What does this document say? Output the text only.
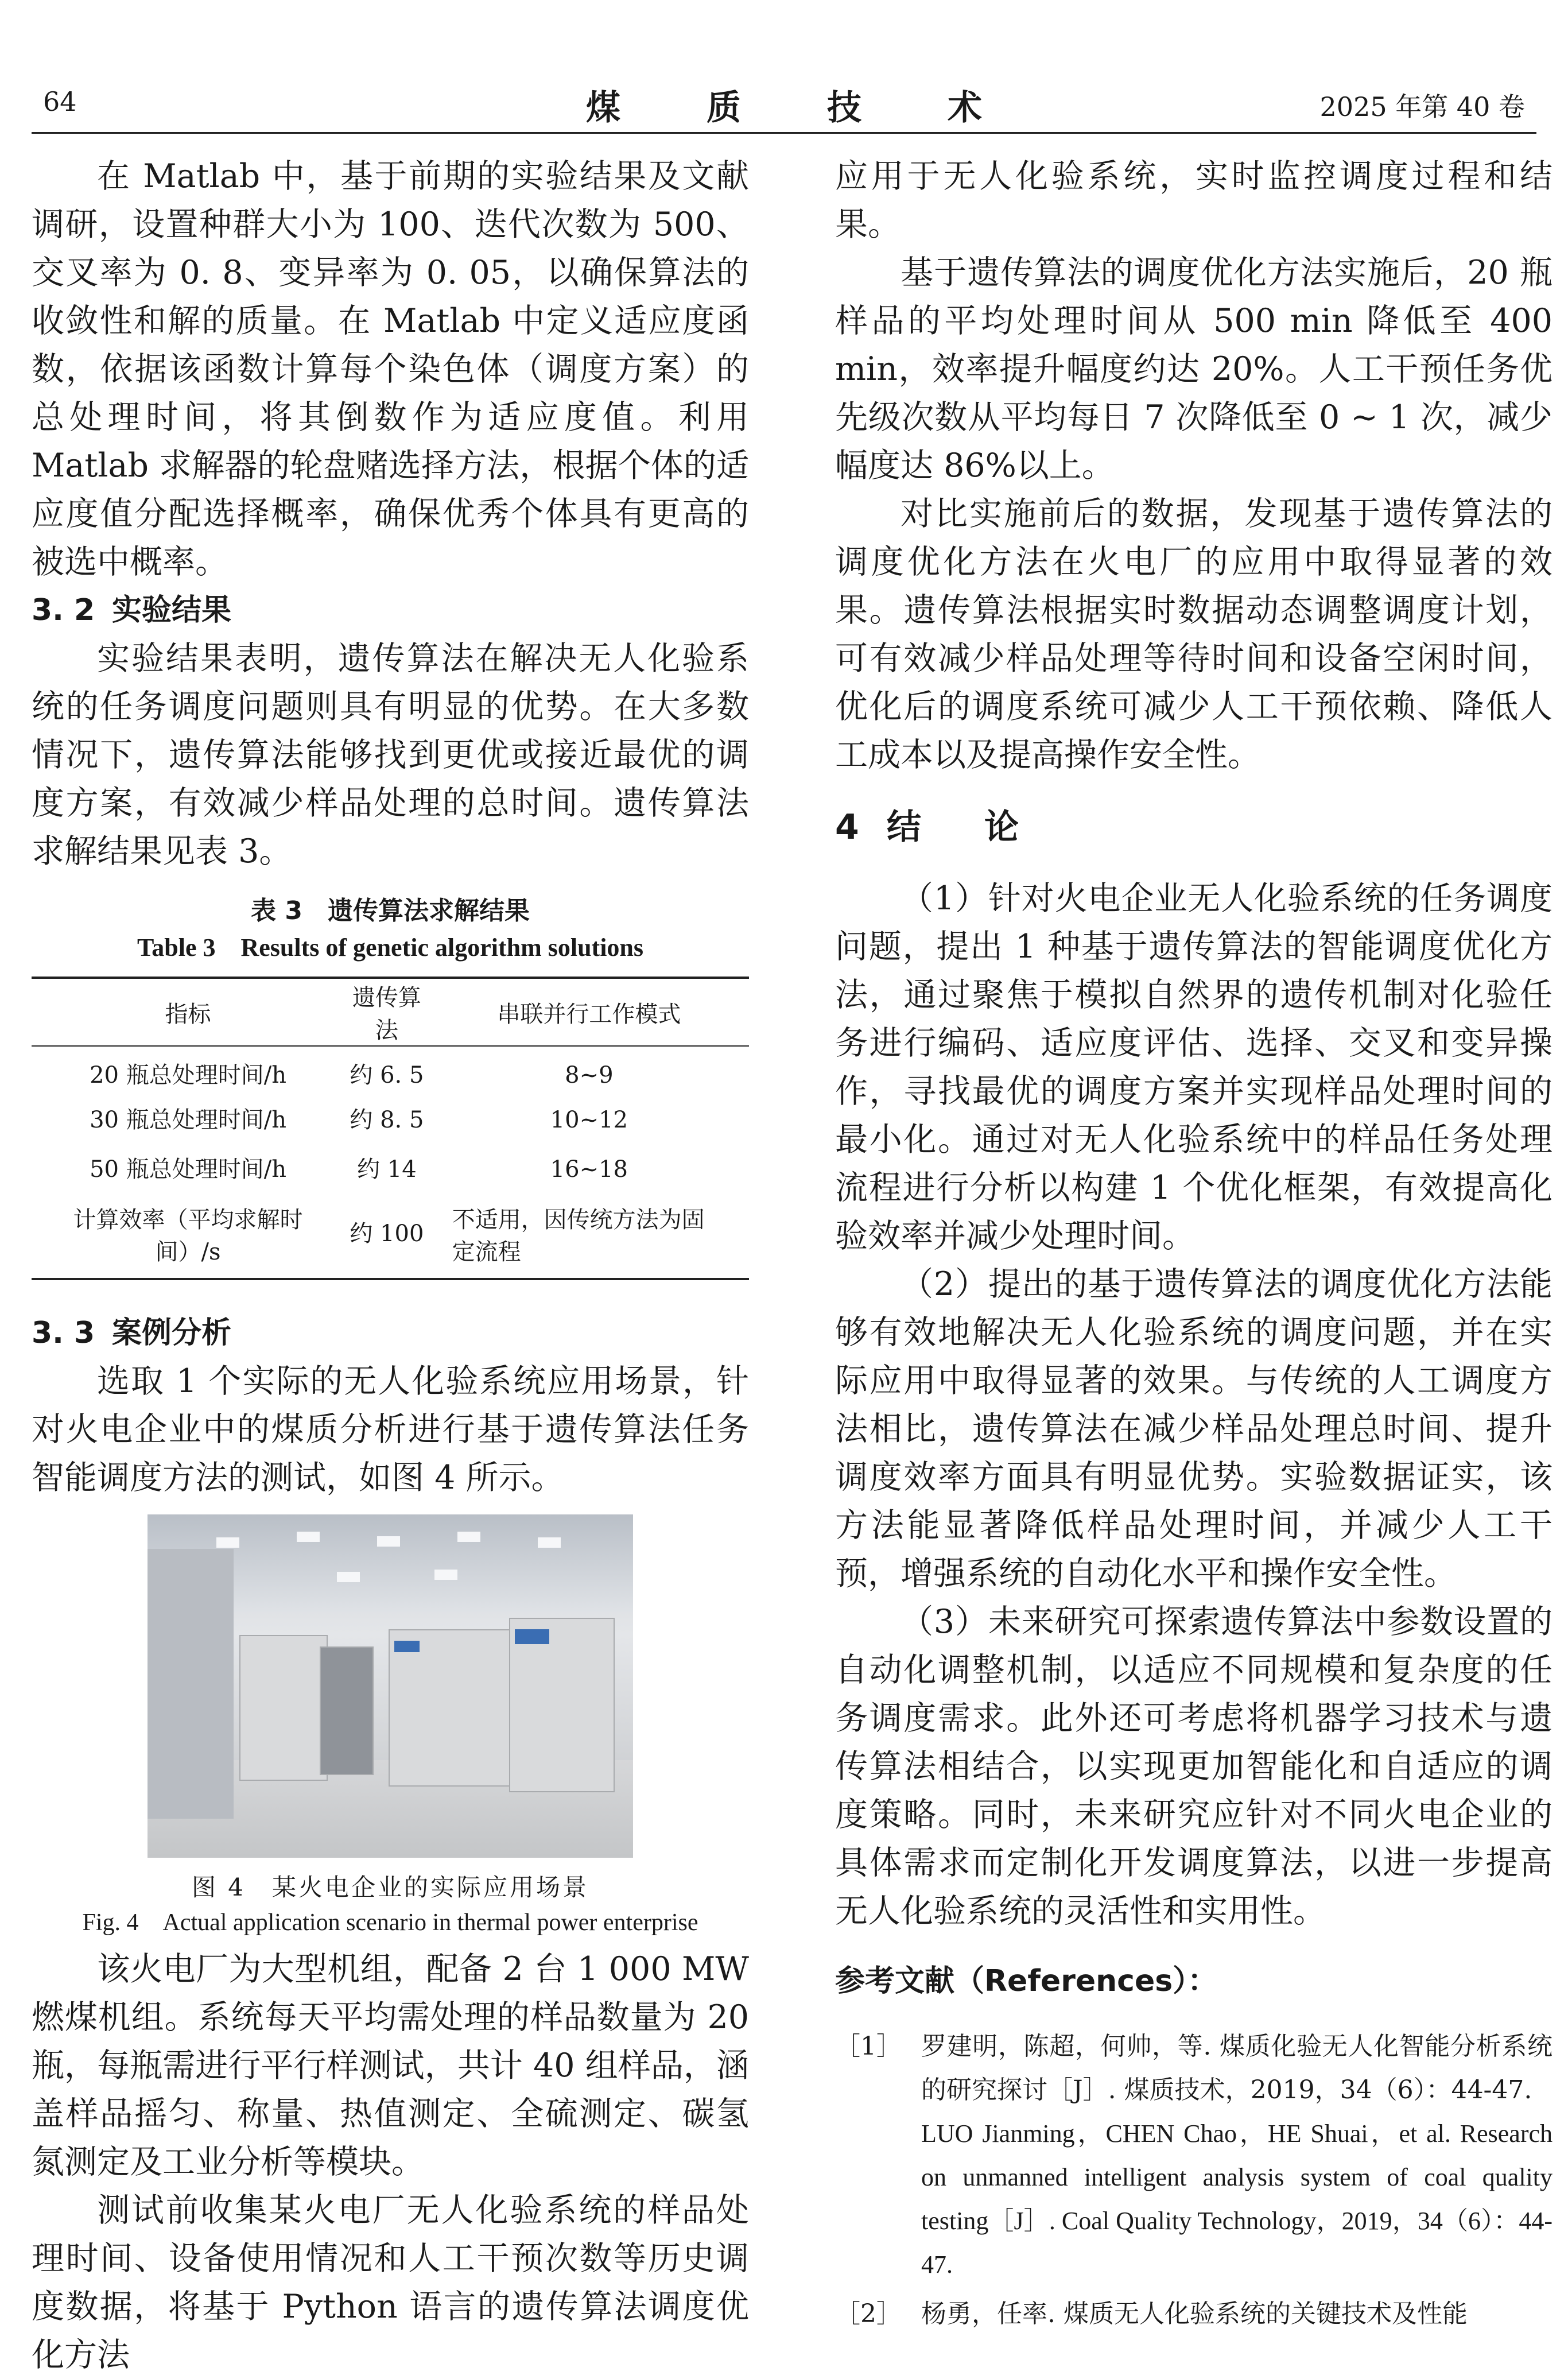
64	煤质技术	2025 年第 40 卷

在 Matlab 中，基于前期的实验结果及文献调研，设置种群大小为 100、迭代次数为 500、交叉率为 0. 8、变异率为 0. 05，以确保算法的收敛性和解的质量。在 Matlab 中定义适应度函数，依据该函数计算每个染色体（调度方案）的总处理时间，将其倒数作为适应度值。利用 Matlab 求解器的轮盘赌选择方法，根据个体的适应度值分配选择概率，确保优秀个体具有更高的被选中概率。

3. 2 实验结果

实验结果表明，遗传算法在解决无人化验系统的任务调度问题则具有明显的优势。在大多数情况下，遗传算法能够找到更优或接近最优的调度方案，有效减少样品处理的总时间。遗传算法求解结果见表 3。

表 3　遗传算法求解结果
Table 3　Results of genetic algorithm solutions
指标	遗传算法	串联并行工作模式
20 瓶总处理时间/h	约 6. 5	8~9
30 瓶总处理时间/h	约 8. 5	10~12
50 瓶总处理时间/h	约 14	16~18
计算效率（平均求解时间）/s	约 100	不适用，因传统方法为固定流程
3. 3 案例分析

选取 1 个实际的无人化验系统应用场景，针对火电企业中的煤质分析进行基于遗传算法任务智能调度方法的测试，如图 4 所示。

图 4　某火电企业的实际应用场景
Fig. 4　Actual application scenario in thermal power enterprise

该火电厂为大型机组，配备 2 台 1 000 MW 燃煤机组。系统每天平均需处理的样品数量为 20 瓶，每瓶需进行平行样测试，共计 40 组样品，涵盖样品摇匀、称量、热值测定、全硫测定、碳氢氮测定及工业分析等模块。

测试前收集某火电厂无人化验系统的样品处理时间、设备使用情况和人工干预次数等历史调度数据，将基于 Python 语言的遗传算法调度优化方法

应用于无人化验系统，实时监控调度过程和结果。

基于遗传算法的调度优化方法实施后，20 瓶样品的平均处理时间从 500 min 降低至 400 min，效率提升幅度约达 20%。人工干预任务优先级次数从平均每日 7 次降低至 0 ~ 1 次，减少幅度达 86%以上。

对比实施前后的数据，发现基于遗传算法的调度优化方法在火电厂的应用中取得显著的效果。遗传算法根据实时数据动态调整调度计划，可有效减少样品处理等待时间和设备空闲时间，优化后的调度系统可减少人工干预依赖、降低人工成本以及提高操作安全性。

4 结论

（1）针对火电企业无人化验系统的任务调度问题，提出 1 种基于遗传算法的智能调度优化方法，通过聚焦于模拟自然界的遗传机制对化验任务进行编码、适应度评估、选择、交叉和变异操作，寻找最优的调度方案并实现样品处理时间的最小化。通过对无人化验系统中的样品任务处理流程进行分析以构建 1 个优化框架，有效提高化验效率并减少处理时间。

（2）提出的基于遗传算法的调度优化方法能够有效地解决无人化验系统的调度问题，并在实际应用中取得显著的效果。与传统的人工调度方法相比，遗传算法在减少样品处理总时间、提升调度效率方面具有明显优势。实验数据证实，该方法能显著降低样品处理时间，并减少人工干预，增强系统的自动化水平和操作安全性。

（3）未来研究可探索遗传算法中参数设置的自动化调整机制，以适应不同规模和复杂度的任务调度需求。此外还可考虑将机器学习技术与遗传算法相结合，以实现更加智能化和自适应的调度策略。同时，未来研究应针对不同火电企业的具体需求而定制化开发调度算法，以进一步提高无人化验系统的灵活性和实用性。

参考文献（References）：
［1］ 罗建明，陈超，何帅，等. 煤质化验无人化智能分析系统的研究探讨［J］. 煤质技术，2019，34（6）：44-47.
LUO Jianming，CHEN Chao，HE Shuai，et al. Research on unmanned intelligent analysis system of coal quality testing［J］. Coal Quality Technology，2019，34（6）：44-47.
［2］ 杨勇，任率. 煤质无人化验系统的关键技术及性能
